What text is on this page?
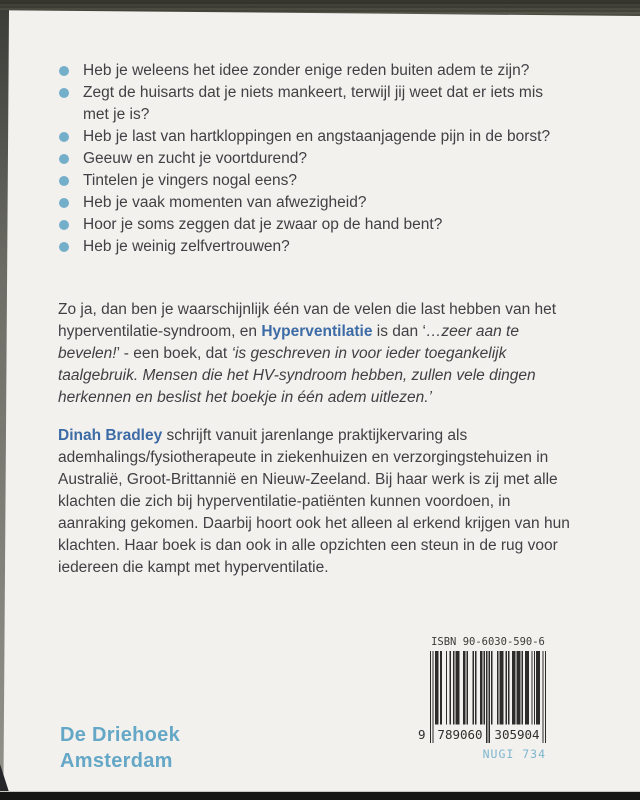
Heb je weleens het idee zonder enige reden buiten adem te zijn?
Zegt de huisarts dat je niets mankeert, terwijl jij weet dat er iets mis met je is?
Heb je last van hartkloppingen en angstaanjagende pijn in de borst?
Geeuw en zucht je voortdurend?
Tintelen je vingers nogal eens?
Heb je vaak momenten van afwezigheid?
Hoor je soms zeggen dat je zwaar op de hand bent?
Heb je weinig zelfvertrouwen?

Zo ja, dan ben je waarschijnlijk één van de velen die last hebben van het hyperventilatie-syndroom, en Hyperventilatie is dan ‘…zeer aan te bevelen!’ - een boek, dat ‘is geschreven in voor ieder toegankelijk taalgebruik. Mensen die het HV-syndroom hebben, zullen vele dingen herkennen en beslist het boekje in één adem uitlezen.’

Dinah Bradley schrijft vanuit jarenlange praktijkervaring als ademhalings/fysiotherapeute in ziekenhuizen en verzorgingstehuizen in Australië, Groot-Brittannië en Nieuw-Zeeland. Bij haar werk is zij met alle klachten die zich bij hyperventilatie-patiënten kunnen voordoen, in aanraking gekomen. Daarbij hoort ook het alleen al erkend krijgen van hun klachten. Haar boek is dan ook in alle opzichten een steun in de rug voor iedereen die kampt met hyperventilatie.

De Driehoek
Amsterdam
ISBN 90-6030-590-6
9 789060 305904
NUGI 734
